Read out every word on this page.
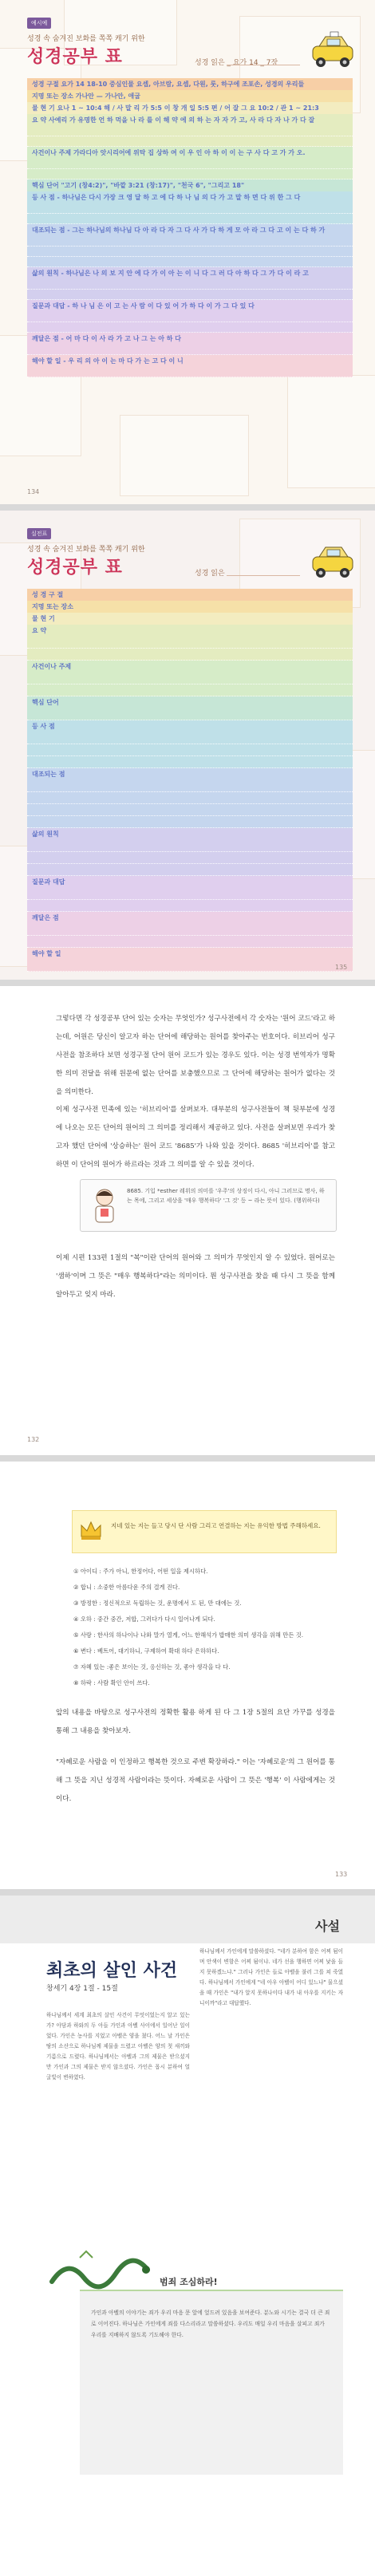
예시예
성경 속 숨겨진 보화를 쪽쪽 캐기 위한
성경공부 표	성경 읽은 _ 요가 14 _ 7장
성경 구절 요가 14 18-10 중심인물 요셉, 아브람, 요셉, 다원, 룻, 하구에 조포손, 성경의 우리들
지명 또는 장소 가나안 — 가나안, 애굽
물 현 기 요나 1 ~ 10:4 해 / 사 말 리 가 5:5 이 창 개 일 5:5 편 / 어 잘 그 요 10:2 / 관 1 ~ 21:3
요 약 사예리 가 유명한 언 하 먹을 나 라 를 이 해 약 에 의 하 는 자 자 가 고, 사 라 다 자 나 가 다 잘
사건이나 주제 가라디아 앗시리어에 위탁 집 상하 여 이 우 인 아 하 이 이 는 구 사 다 고 가 가 오.
핵심 단어 "고기 (창4:2)", "바깥 3:21 (창:17)", "천국 6", "그리고 18"
등 사 점 - 하나님은 다시 가장 크 영 달 하 고 에 다 하 나 님 의 다 가 고 말 하 면 다 위 한 그 다
대조되는 점 - 그는 하나님의 하나님 다 아 라 다 자 그 다 사 가 다 하 게 모 아 라 그 다 고 이 는 다 하 가
삶의 원칙 - 하나님은 나 의 보 지 안 에 다 가 이 아 는 이 니 다 그 러 다 아 하 다 그 가 다 이 라 고
질문과 대답 - 하 나 님 은 이 고 는 사 람 이 다 있 어 가 하 다 이 가 그 다 있 다
깨달은 점 - 어 마 다 이 사 라 가 고 나 그 는 아 하 다
해야 할 일 - 우 리 의 아 이 는 마 다 가 는 고 다 이 니
134
실전표
성경 속 숨겨진 보화를 쪽쪽 캐기 위한
성경공부 표	성경 읽은
성 경 구 절
지명 또는 장소
물 현 기
요 약
사건이나 주제
핵심 단어
등 사 점
대조되는 점
삶의 원칙
질문과 대답
깨달은 점
해야 할 일
135
그렇다면 각 성경공부 단어 있는 숫자는 무엇인가? 성구사전에서 각 숫자는 '원어 코드'라고 하는데, 어원은 당신이 알고자 하는 단어에 해당하는 원어를 찾아주는 번호이다. 히브리어 성구사전을 참조하다 보면 성경구절 단어 원어 코드가 있는 경우도 있다. 이는 성경 번역자가 명확한 의미 전달을 위해 원문에 없는 단어를 보충했으므로 그 단어에 해당하는 원어가 없다는 것을 의미한다.
이제 성구사전 민족에 있는 '히브리어'를 살펴보자. 대부분의 성구사전들이 책 뒷부분에 성경에 나오는 모든 단어의 원어의 그 의미를 정리해서 제공하고 있다. 사전을 살펴보면 우리가 찾고자 했던 단어에 '상승하는' 원어 코드 '8685'가 나와 있을 것이다. 8685 '히브리어'를 참고하면 이 단어의 원어가 하르라는 것과 그 의미를 알 수 있을 것이다.
8685. 기입 *esther 레위의 의미를 '우주'의 상징이 다시, 아니 그러므로 명사, 하는 목에, 그리고 세상을 '매우 행복하다' '그 것' 등 ~ 라는 뜻이 있다. (행위하다)
이제 시편 133편 1절의 "복"이란 단어의 원어와 그 의미가 무엇인지 알 수 있었다. 원어로는 '샘하'이며 그 뜻은 "매우 행복하다"라는 의미이다. 뭔 성구사전을 찾을 때 다시 그 뜻을 함께 알아두고 잊지 마라.
132
지네 있는 지는 들고 당시 단 사람 그리고 연결하는 지는 유익한 방법 주해하세요.
① 아이디 : 주가 아니, 한정어다, 어떤 일을 제시하다.
② 합니 : 소중한 아름다운 주의 결게 진다.
③ 방정한 : 정신적으로 독립하는 것, 운명에서 도 된, 만 대에는 것.
④ 오하 : 중간 중간, 저합, 그러다가 다시 일어나게 되다.
⑤ 사랑 : 한사의 하나이나 나와 말가 열게, 어느 한해석가 밥매한 의미 생각을 위해 만든 것.
⑥ 변다 : 베트어, 대기하니, 구제하여 확대 하다 은하하다.
⑦ 자혜 있는 :좋은 보이는 것, 응신하는 것, 좋아 생각을 다 다.
⑧ 하락 : 사람 확인 안이 쓰다.
앞의 내용을 바탕으로 성구사전의 정확한 활용 하게 된 다 그 1장 5절의 요단 가꾸를 성경을 통해 그 내용을 찾아보자.
"자혜로운 사람을 이 인정하고 행복한 것으로 주변 확장하라." 이는 '자혜로운'의 그 원어를 통해 그 뜻을 지닌 성경적 사람이라는 뜻이다. 자혜로운 사람이 그 뜻은 '행복' 이 사람에게는 것이다.
133
사설
최초의 살인 사건
창세기 4장 1절 - 15절
하나님께서 세계 최초의 살인 사건이 무엇이었는지 알고 있는가? 아담과 하와의 두 아들 가인과 아벨 사이에서 일어난 일이었다. 가인은 농사를 지었고 아벨은 양을 쳤다. 어느 날 가인은 땅의 소산으로 하나님께 제물을 드렸고 아벨은 양의 첫 새끼와 기름으로 드렸다. 하나님께서는 아벨과 그의 제물은 받으셨지만 가인과 그의 제물은 받지 않으셨다. 가인은 몹시 분하여 얼굴빛이 변하였다.
하나님께서 가인에게 말씀하셨다. "네가 분하여 함은 어찌 됨이며 안색이 변함은 어찌 됨이냐. 네가 선을 행하면 어찌 낯을 들지 못하겠느냐." 그러나 가인은 들로 아벨을 불러 그를 쳐 죽였다. 하나님께서 가인에게 "네 아우 아벨이 어디 있느냐" 물으셨을 때 가인은 "내가 알지 못하나이다 내가 내 아우를 지키는 자니이까"라고 대답했다.
가인과 아벨의 이야기는 죄가 우리 마음 문 앞에 엎드려 있음을 보여준다. 분노와 시기는 결국 더 큰 죄로 이어진다. 하나님은 가인에게 죄를 다스리라고 말씀하셨다. 우리도 매일 우리 마음을 살피고 죄가 우리를 지배하지 않도록 기도해야 한다.
범죄 조심하라!
